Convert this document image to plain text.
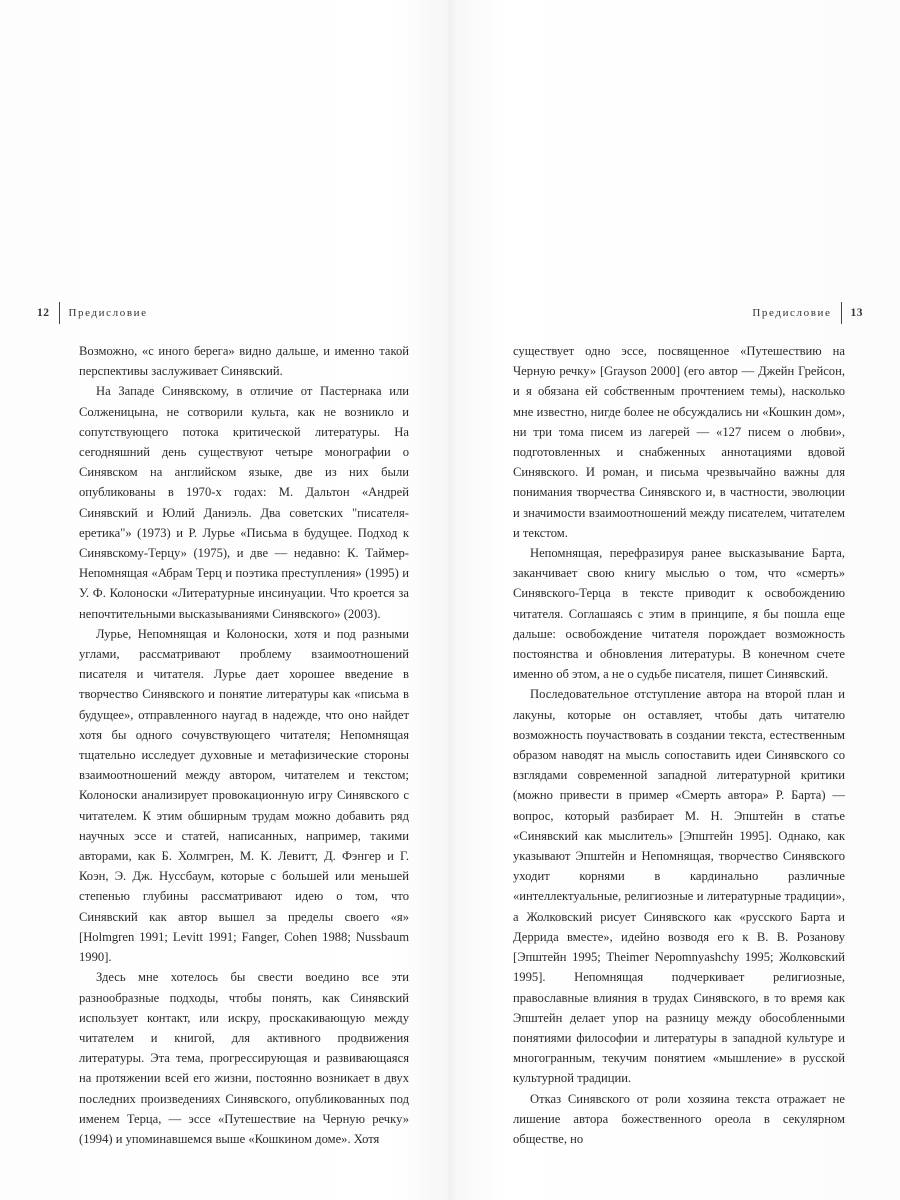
12 Предисловие

Возможно, «с иного берега» видно дальше, и именно такой перспективы заслуживает Синявский.

На Западе Синявскому, в отличие от Пастернака или Солженицына, не сотворили культа, как не возникло и сопутствующего потока критической литературы. На сегодняшний день существуют четыре монографии о Синявском на английском языке, две из них были опубликованы в 1970-х годах: М. Дальтон «Андрей Синявский и Юлий Даниэль. Два советских "писателя-еретика"» (1973) и Р. Лурье «Письма в будущее. Подход к Синявскому-Терцу» (1975), и две — недавно: К. Таймер-Непомнящая «Абрам Терц и поэтика преступления» (1995) и У. Ф. Колоноски «Литературные инсинуации. Что кроется за непочтительными высказываниями Синявского» (2003).

Лурье, Непомнящая и Колоноски, хотя и под разными углами, рассматривают проблему взаимоотношений писателя и читателя. Лурье дает хорошее введение в творчество Синявского и понятие литературы как «письма в будущее», отправленного наугад в надежде, что оно найдет хотя бы одного сочувствующего читателя; Непомнящая тщательно исследует духовные и метафизические стороны взаимоотношений между автором, читателем и текстом; Колоноски анализирует провокационную игру Синявского с читателем. К этим обширным трудам можно добавить ряд научных эссе и статей, написанных, например, такими авторами, как Б. Холмгрен, М. К. Левитт, Д. Фэнгер и Г. Коэн, Э. Дж. Нуссбаум, которые с большей или меньшей степенью глубины рассматривают идею о том, что Синявский как автор вышел за пределы своего «я» [Holmgren 1991; Levitt 1991; Fanger, Cohen 1988; Nussbaum 1990].

Здесь мне хотелось бы свести воедино все эти разнообразные подходы, чтобы понять, как Синявский использует контакт, или искру, проскакивающую между читателем и книгой, для активного продвижения литературы. Эта тема, прогрессирующая и развивающаяся на протяжении всей его жизни, постоянно возникает в двух последних произведениях Синявского, опубликованных под именем Терца, — эссе «Путешествие на Черную речку» (1994) и упоминавшемся выше «Кошкином доме». Хотя

Предисловие 13

существует одно эссе, посвященное «Путешествию на Черную речку» [Grayson 2000] (его автор — Джейн Грейсон, и я обязана ей собственным прочтением темы), насколько мне известно, нигде более не обсуждались ни «Кошкин дом», ни три тома писем из лагерей — «127 писем о любви», подготовленных и снабженных аннотациями вдовой Синявского. И роман, и письма чрезвычайно важны для понимания творчества Синявского и, в частности, эволюции и значимости взаимоотношений между писателем, читателем и текстом.

Непомнящая, перефразируя ранее высказывание Барта, заканчивает свою книгу мыслью о том, что «смерть» Синявского-Терца в тексте приводит к освобождению читателя. Соглашаясь с этим в принципе, я бы пошла еще дальше: освобождение читателя порождает возможность постоянства и обновления литературы. В конечном счете именно об этом, а не о судьбе писателя, пишет Синявский.

Последовательное отступление автора на второй план и лакуны, которые он оставляет, чтобы дать читателю возможность поучаствовать в создании текста, естественным образом наводят на мысль сопоставить идеи Синявского со взглядами современной западной литературной критики (можно привести в пример «Смерть автора» Р. Барта) — вопрос, который разбирает М. Н. Эпштейн в статье «Синявский как мыслитель» [Эпштейн 1995]. Однако, как указывают Эпштейн и Непомнящая, творчество Синявского уходит корнями в кардинально различные «интеллектуальные, религиозные и литературные традиции», а Жолковский рисует Синявского как «русского Барта и Деррида вместе», идейно возводя его к В. В. Розанову [Эпштейн 1995; Theimer Nepomnyashchy 1995; Жолковский 1995]. Непомнящая подчеркивает религиозные, православные влияния в трудах Синявского, в то время как Эпштейн делает упор на разницу между обособленными понятиями философии и литературы в западной культуре и многогранным, текучим понятием «мышление» в русской культурной традиции.

Отказ Синявского от роли хозяина текста отражает не лишение автора божественного ореола в секулярном обществе, но
